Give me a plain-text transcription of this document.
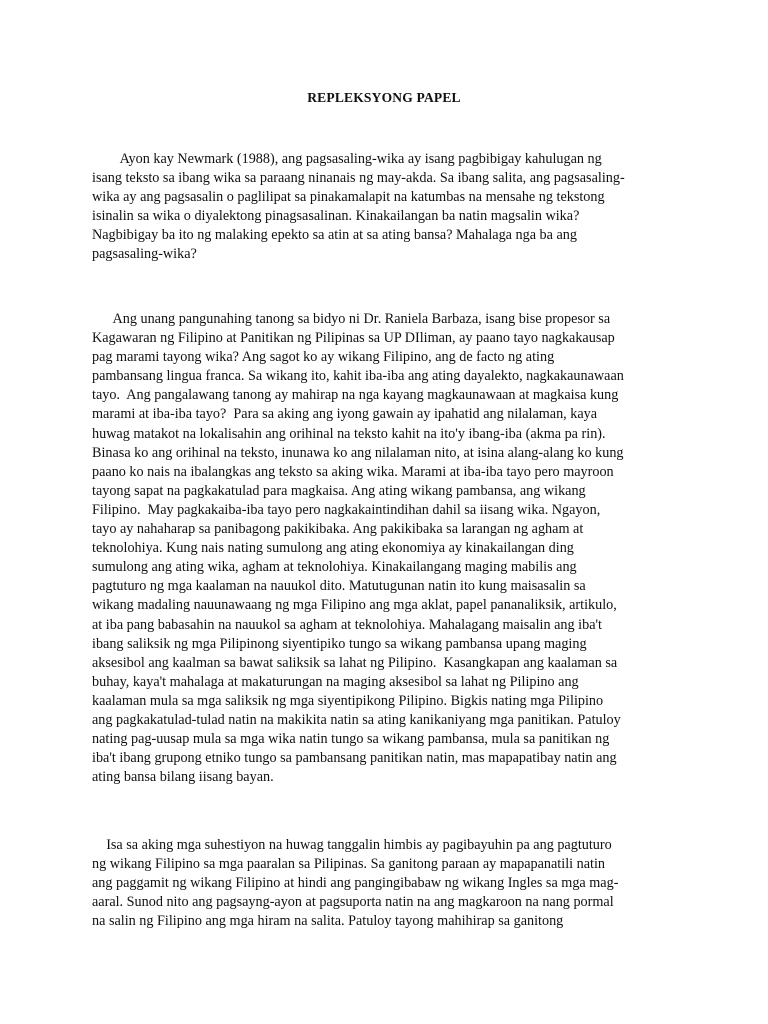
REPLEKSYONG PAPEL

Ayon kay Newmark (1988), ang pagsasaling-wika ay isang pagbibigay kahulugan ng
isang teksto sa ibang wika sa paraang ninanais ng may-akda. Sa ibang salita, ang pagsasaling-
wika ay ang pagsasalin o paglilipat sa pinakamalapit na katumbas na mensahe ng tekstong
isinalin sa wika o diyalektong pinagsasalinan. Kinakailangan ba natin magsalin wika?
Nagbibigay ba ito ng malaking epekto sa atin at sa ating bansa? Mahalaga nga ba ang
pagsasaling-wika?

Ang unang pangunahing tanong sa bidyo ni Dr. Raniela Barbaza, isang bise propesor sa
Kagawaran ng Filipino at Panitikan ng Pilipinas sa UP DIliman, ay paano tayo nagkakausap
pag marami tayong wika? Ang sagot ko ay wikang Filipino, ang de facto ng ating
pambansang lingua franca. Sa wikang ito, kahit iba-iba ang ating dayalekto, nagkakaunawaan
tayo.  Ang pangalawang tanong ay mahirap na nga kayang magkaunawaan at magkaisa kung
marami at iba-iba tayo?  Para sa aking ang iyong gawain ay ipahatid ang nilalaman, kaya
huwag matakot na lokalisahin ang orihinal na teksto kahit na ito'y ibang-iba (akma pa rin).
Binasa ko ang orihinal na teksto, inunawa ko ang nilalaman nito, at isina alang-alang ko kung
paano ko nais na ibalangkas ang teksto sa aking wika. Marami at iba-iba tayo pero mayroon
tayong sapat na pagkakatulad para magkaisa. Ang ating wikang pambansa, ang wikang
Filipino.  May pagkakaiba-iba tayo pero nagkakaintindihan dahil sa iisang wika. Ngayon,
tayo ay nahaharap sa panibagong pakikibaka. Ang pakikibaka sa larangan ng agham at
teknolohiya. Kung nais nating sumulong ang ating ekonomiya ay kinakailangan ding
sumulong ang ating wika, agham at teknolohiya. Kinakailangang maging mabilis ang
pagtuturo ng mga kaalaman na nauukol dito. Matutugunan natin ito kung maisasalin sa
wikang madaling nauunawaang ng mga Filipino ang mga aklat, papel pananaliksik, artikulo,
at iba pang babasahin na nauukol sa agham at teknolohiya. Mahalagang maisalin ang iba't
ibang saliksik ng mga Pilipinong siyentipiko tungo sa wikang pambansa upang maging
aksesibol ang kaalman sa bawat saliksik sa lahat ng Pilipino.  Kasangkapan ang kaalaman sa
buhay, kaya't mahalaga at makaturungan na maging aksesibol sa lahat ng Pilipino ang
kaalaman mula sa mga saliksik ng mga siyentipikong Pilipino. Bigkis nating mga Pilipino
ang pagkakatulad-tulad natin na makikita natin sa ating kanikaniyang mga panitikan. Patuloy
nating pag-uusap mula sa mga wika natin tungo sa wikang pambansa, mula sa panitikan ng
iba't ibang grupong etniko tungo sa pambansang panitikan natin, mas mapapatibay natin ang
ating bansa bilang iisang bayan.

Isa sa aking mga suhestiyon na huwag tanggalin himbis ay pagibayuhin pa ang pagtuturo
ng wikang Filipino sa mga paaralan sa Pilipinas. Sa ganitong paraan ay mapapanatili natin
ang paggamit ng wikang Filipino at hindi ang pangingibabaw ng wikang Ingles sa mga mag-
aaral. Sunod nito ang pagsayng-ayon at pagsuporta natin na ang magkaroon na nang pormal
na salin ng Filipino ang mga hiram na salita. Patuloy tayong mahihirap sa ganitong
